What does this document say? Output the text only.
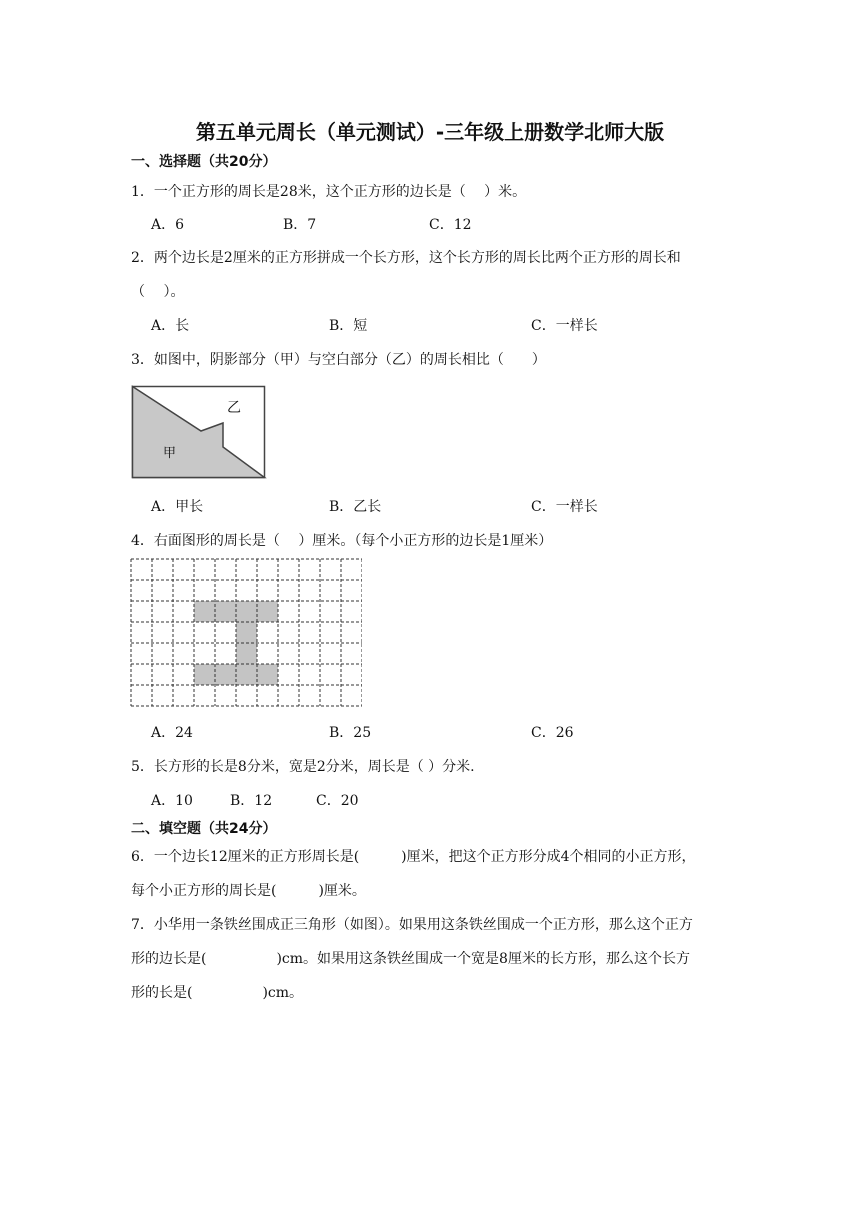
第五单元周长（单元测试）-三年级上册数学北师大版
一、选择题（共20分）
1．一个正方形的周长是28米，这个正方形的边长是（　 ）米。
A．6	B．7	C．12
2．两个边长是2厘米的正方形拼成一个长方形，这个长方形的周长比两个正方形的周长和
（　 ）。
A．长	B．短	C．一样长
3．如图中，阴影部分（甲）与空白部分（乙）的周长相比（　　）
乙
甲
A．甲长	B．乙长	C．一样长
4．右面图形的周长是（　 ）厘米。（每个小正方形的边长是1厘米）
A．24	B．25	C．26
5．长方形的长是8分米，宽是2分米，周长是（ ）分米.
A．10	B．12	C．20
二、填空题（共24分）
6．一个边长12厘米的正方形周长是(　　　)厘米，把这个正方形分成4个相同的小正方形，
每个小正方形的周长是(　　　)厘米。
7．小华用一条铁丝围成正三角形（如图）。如果用这条铁丝围成一个正方形，那么这个正方
形的边长是(　　　　　)cm。如果用这条铁丝围成一个宽是8厘米的长方形，那么这个长方
形的长是(　　　　　)cm。
